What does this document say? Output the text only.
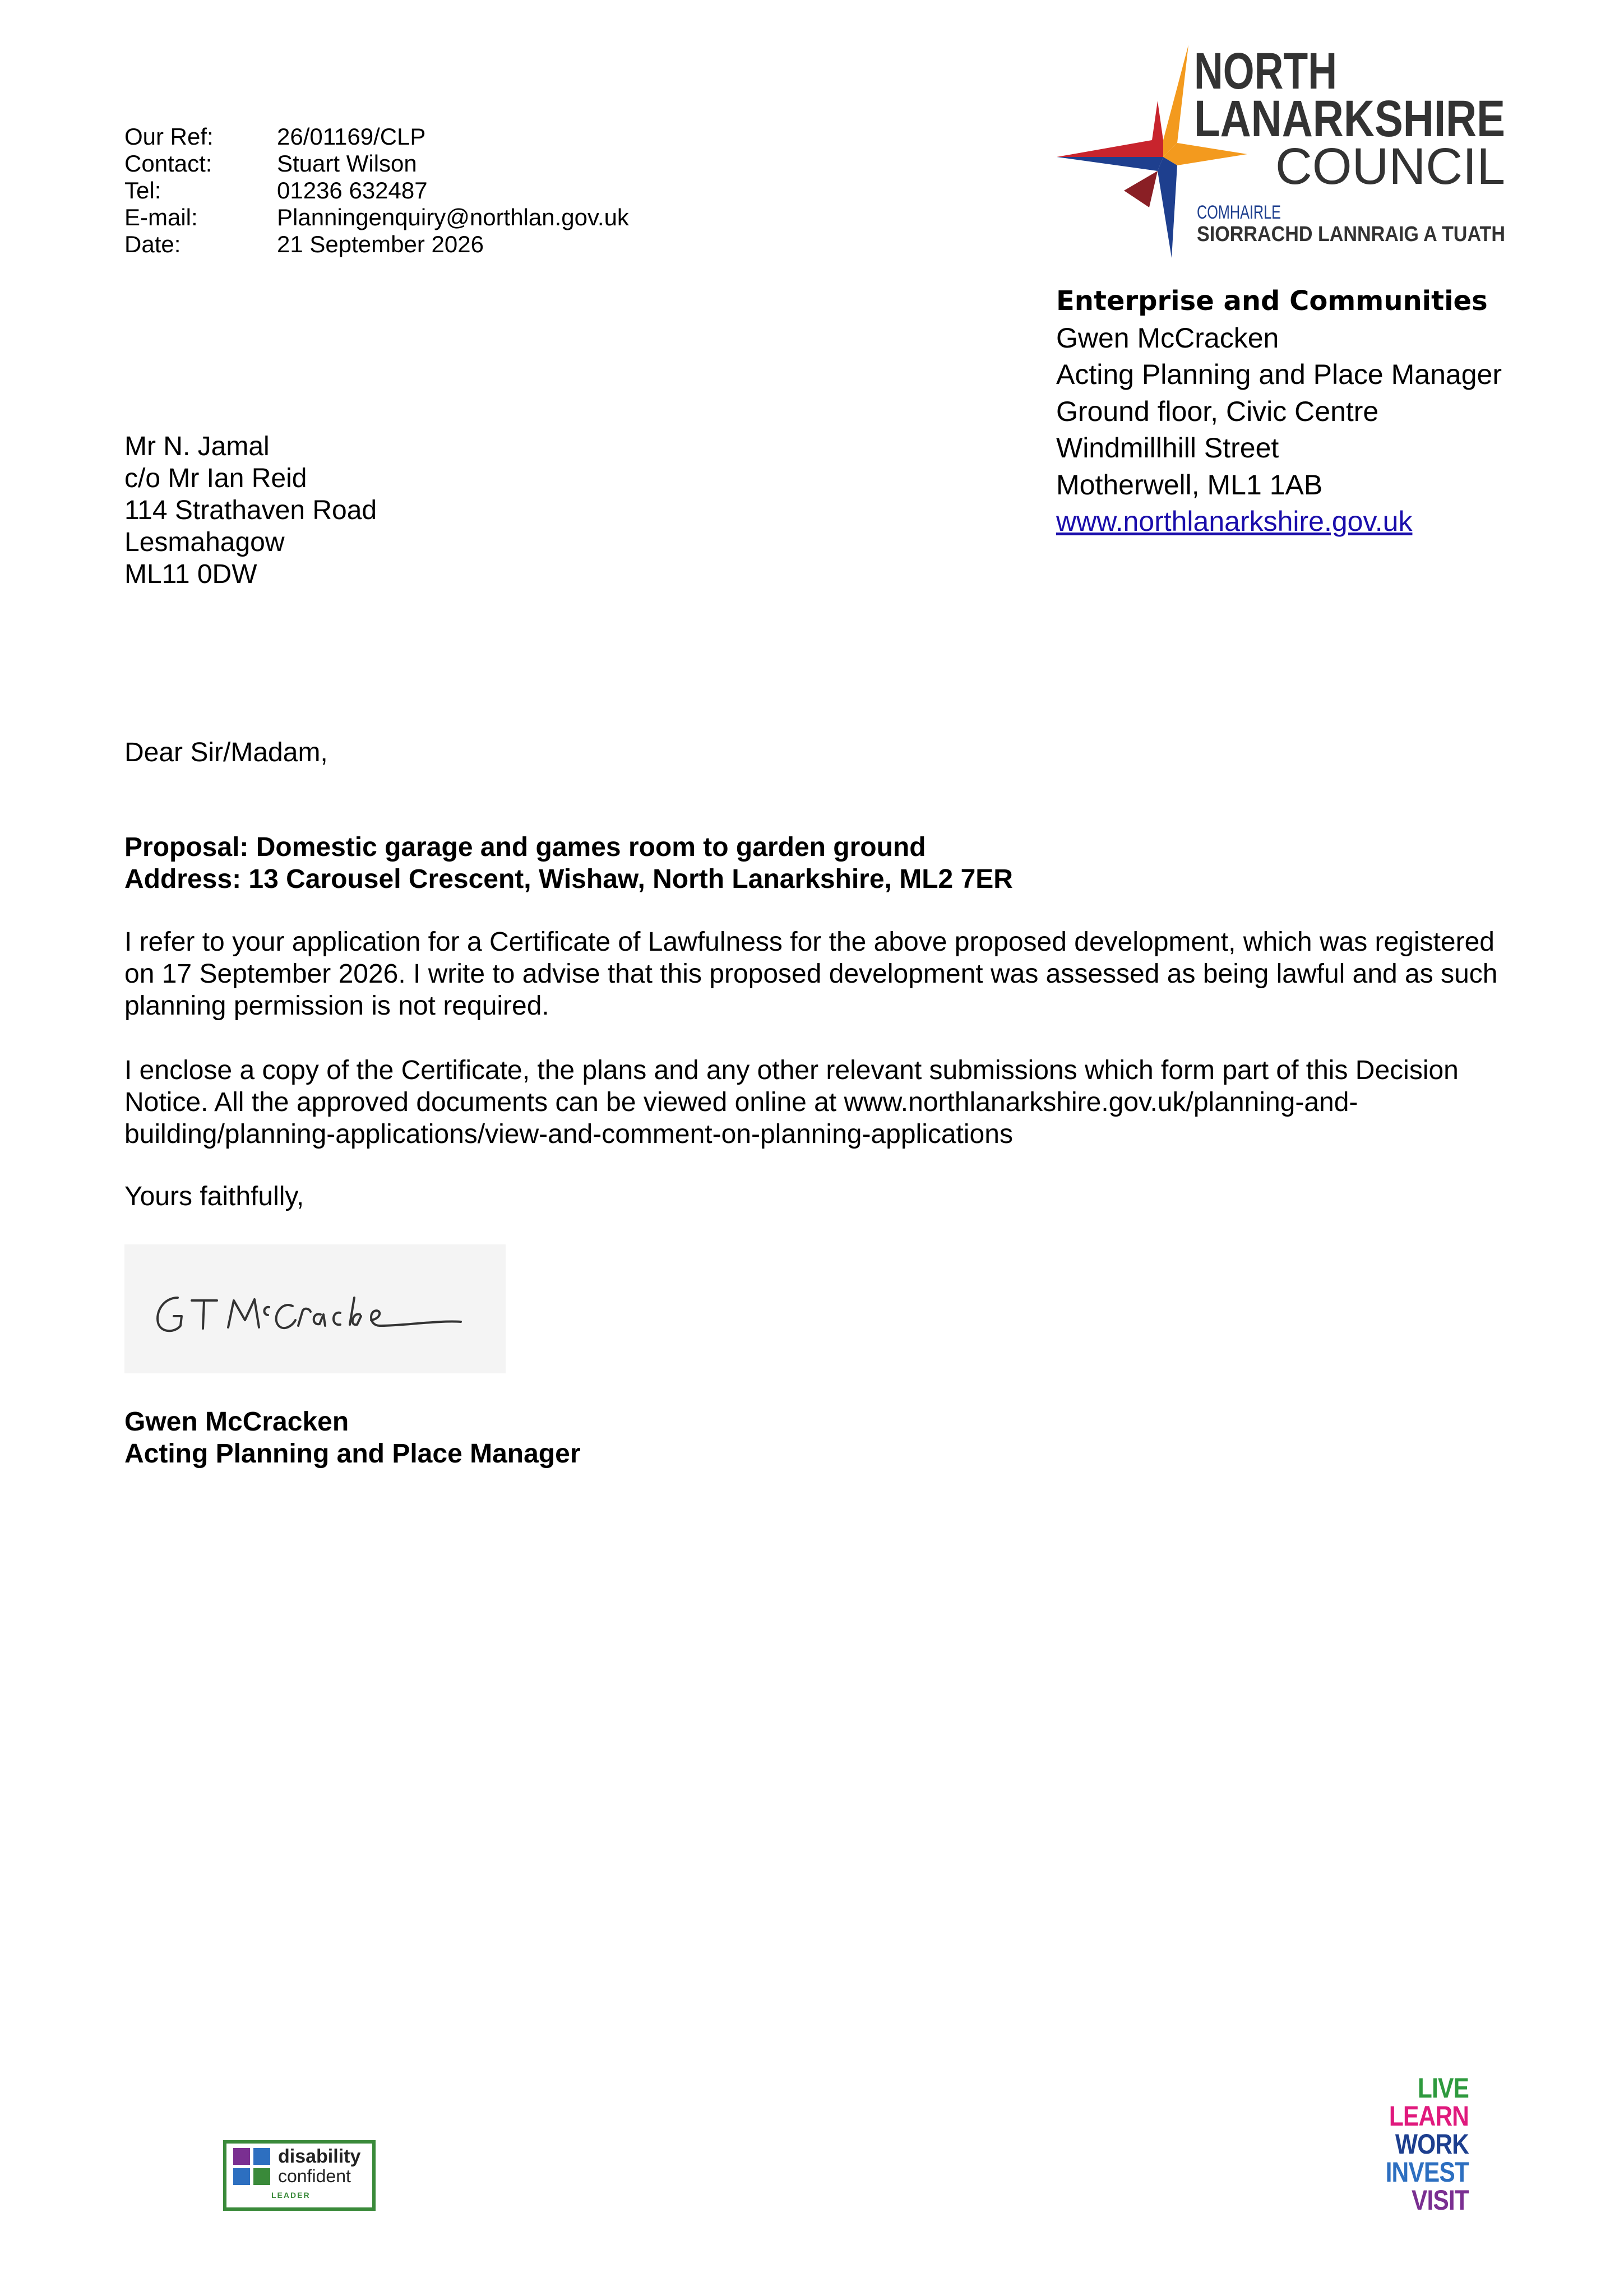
Our Ref:	26/01169/CLP
Contact:	Stuart Wilson
Tel:	01236 632487
E-mail:	Planningenquiry@northlan.gov.uk
Date:	21 September 2026
NORTH
LANARKSHIRE
COUNCIL
COMHAIRLE
SIORRACHD LANNRAIG A TUATH
Enterprise and Communities
Gwen McCracken
Acting Planning and Place Manager
Ground floor, Civic Centre
Windmillhill Street
Motherwell, ML1 1AB
www.northlanarkshire.gov.uk
Mr N. Jamal
c/o Mr Ian Reid
114 Strathaven Road
Lesmahagow
ML11 0DW
Dear Sir/Madam,
Proposal: Domestic garage and games room to garden ground
Address: 13 Carousel Crescent, Wishaw, North Lanarkshire, ML2 7ER
I refer to your application for a Certificate of Lawfulness for the above proposed development, which was registered on 17 September 2026. I write to advise that this proposed development was assessed as being lawful and as such planning permission is not required.
I enclose a copy of the Certificate, the plans and any other relevant submissions which form part of this Decision Notice. All the approved documents can be viewed online at www.northlanarkshire.gov.uk/planning-and-building/planning-applications/view-and-comment-on-planning-applications
Yours faithfully,
Gwen McCracken
Acting Planning and Place Manager
disability
confident
LEADER
LIVE
LEARN
WORK
INVEST
VISIT
